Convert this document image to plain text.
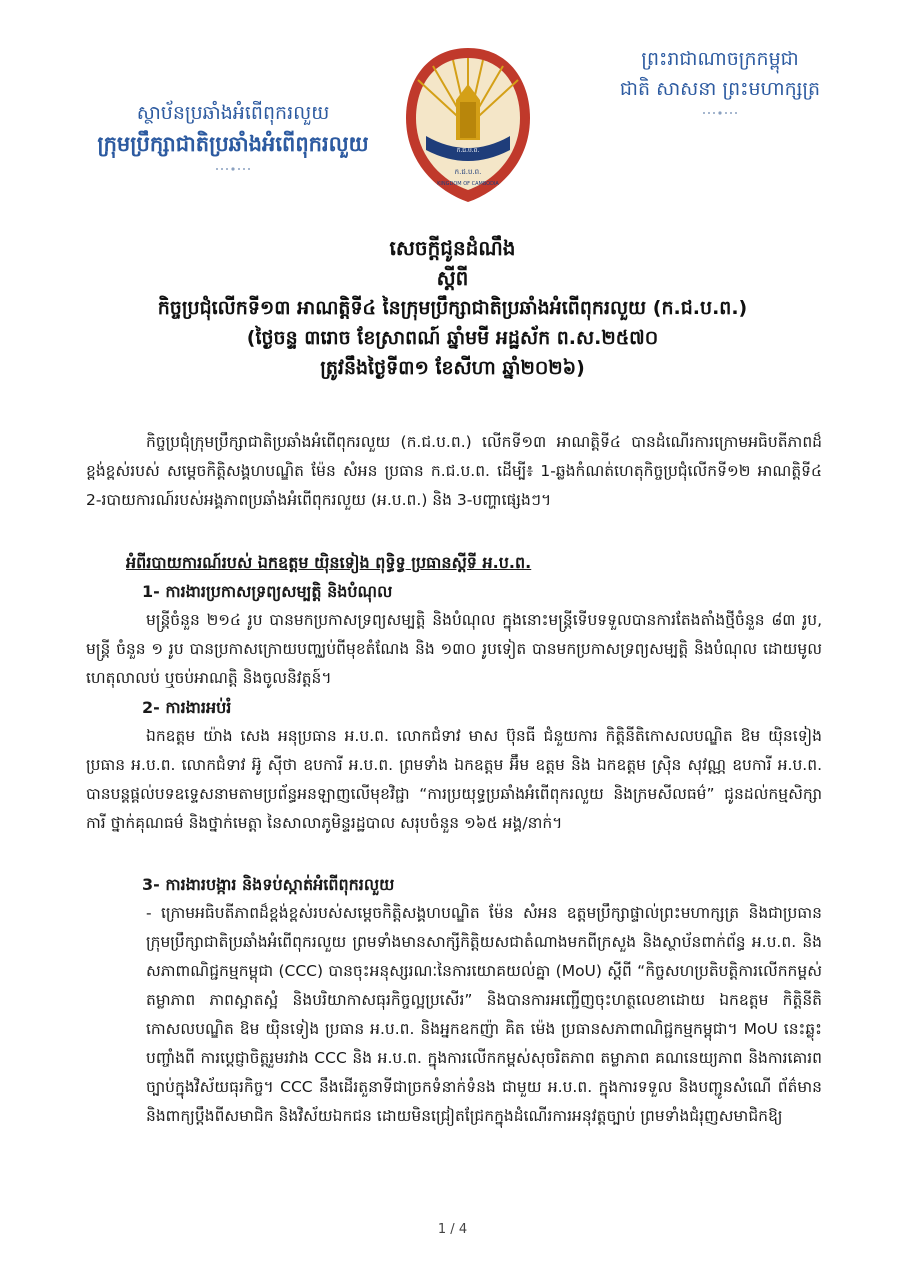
ស្ថាប័នប្រឆាំងអំពើពុករលួយ
ក្រុមប្រឹក្សាជាតិប្រឆាំងអំពើពុករលួយ	ក.ជ.ប.ព.
ក.ជ.ប.ព.
KINGDOM OF CAMBODIA
ព្រះរាជាណាចក្រកម្ពុជា
ជាតិ សាសនា ព្រះមហាក្សត្រ
សេចក្តីជូនដំណឹង
ស្តីពី
កិច្ចប្រជុំលើកទី១៣ អាណត្តិទី៤ នៃក្រុមប្រឹក្សាជាតិប្រឆាំងអំពើពុករលួយ (ក.ជ.ប.ព.)
(ថ្ងៃចន្ទ ៣រោច ខែស្រាពណ៍ ឆ្នាំមមី អដ្ឋស័ក ព.ស.២៥៧០
ត្រូវនឹងថ្ងៃទី៣១ ខែសីហា ឆ្នាំ២០២៦)
កិច្ចប្រជុំក្រុមប្រឹក្សាជាតិប្រឆាំងអំពើពុករលួយ (ក.ជ.ប.ព.) លើកទី១៣ អាណត្តិទី៤ បានដំណើរការក្រោមអធិបតីភាពដ៏ខ្ពង់ខ្ពស់របស់ សម្តេចកិត្តិសង្គហបណ្ឌិត ម៉ែន សំអន ប្រធាន ក.ជ.ប.ព. ដើម្បី៖ 1-ឆ្លងកំណត់ហេតុកិច្ចប្រជុំលើកទី១២ អាណត្តិទី៤ 2-របាយការណ៍របស់អង្គភាពប្រឆាំងអំពើពុករលួយ (អ.ប.ព.) និង 3-បញ្ហាផ្សេងៗ។
អំពីរបាយការណ៍របស់ ឯកឧត្តម យ៉ិនទៀង ពុទ្ធិទ្វ ប្រធានស្តីទី អ.ប.ព.
1- ការងារប្រកាសទ្រព្យសម្បត្តិ និងបំណុល
មន្ត្រីចំនួន ២១៤ រូប បានមកប្រកាសទ្រព្យសម្បត្តិ និងបំណុល ក្នុងនោះមន្ត្រីទើបទទួលបានការតែងតាំងថ្មីចំនួន ៨៣ រូប, មន្ត្រី ចំនួន ១ រូប បានប្រកាសក្រោយបញ្ឈប់ពីមុខតំណែង និង ១៣០ រូបទៀត បានមកប្រកាសទ្រព្យសម្បត្តិ និងបំណុល ដោយមូលហេតុលាលប់ ឬចប់អាណត្តិ និងចូលនិវត្តន៍។
2- ការងារអប់រំ
ឯកឧត្តម យ៉ាង សេង អនុប្រធាន អ.ប.ព. លោកជំទាវ មាស ប៊ុនធី ជំនួយការ កិត្តិនីតិកោសលបណ្ឌិត ឱម យ៉ិនទៀង ប្រធាន អ.ប.ព. លោកជំទាវ អ៊ូ ស៊ីថា ឧបការី អ.ប.ព. ព្រមទាំង ឯកឧត្តម អ៊ឹម ឧត្តម និង ឯកឧត្តម ស្រ៊ិន សុវណ្ណ ឧបការី អ.ប.ព. បានបន្តផ្តល់បទឧទ្ទេសនាមតាមប្រព័ន្ធអនឡាញលើមុខវិជ្ជា “ការប្រយុទ្ធប្រឆាំងអំពើពុករលួយ និងក្រមសីលធម៌” ជូនដល់កម្មសិក្សាការី ថ្នាក់គុណធម៌ និងថ្នាក់មេត្តា នៃសាលាភូមិន្ទរដ្ឋបាល សរុបចំនួន ១៦៥ អង្គ/នាក់។
3- ការងារបង្ការ និងទប់ស្កាត់អំពើពុករលួយ
- ក្រោមអធិបតីភាពដ៏ខ្ពង់ខ្ពស់របស់សម្តេចកិត្តិសង្គហបណ្ឌិត ម៉ែន សំអន ឧត្តមប្រឹក្សាផ្ទាល់ព្រះមហាក្សត្រ និងជាប្រធានក្រុមប្រឹក្សាជាតិប្រឆាំងអំពើពុករលួយ ព្រមទាំងមានសាក្សីកិត្តិយសជាតំណាងមកពីក្រសួង និងស្ថាប័នពាក់ព័ន្ធ អ.ប.ព. និងសភាពាណិជ្ជកម្មកម្ពុជា (CCC) បានចុះអនុស្សរណៈនៃការយោគយល់គ្នា (MoU) ស្តីពី “កិច្ចសហប្រតិបត្តិការលើកកម្ពស់តម្លាភាព ភាពស្អាតស្អំ និងបរិយាកាសធុរកិច្ចល្អប្រសើរ” និងបានការអញ្ជើញចុះហត្ថលេខាដោយ ឯកឧត្តម កិត្តិនីតិកោសលបណ្ឌិត ឱម យ៉ិនទៀង ប្រធាន អ.ប.ព. និងអ្នកឧកញ៉ា គិត ម៉េង ប្រធានសភាពាណិជ្ជកម្មកម្ពុជា។ MoU នេះឆ្លុះបញ្ចាំងពី ការប្តេជ្ញាចិត្តរួមរវាង CCC និង អ.ប.ព. ក្នុងការលើកកម្ពស់សុចរិតភាព តម្លាភាព គណនេយ្យភាព និងការគោរពច្បាប់ក្នុងវិស័យធុរកិច្ច។ CCC នឹងដើរតួនាទីជាច្រកទំនាក់ទំនង ជាមួយ អ.ប.ព. ក្នុងការទទួល និងបញ្ជូនសំណើ ព័ត៌មាន និងពាក្យប្តឹងពីសមាជិក និងវិស័យឯកជន ដោយមិនជ្រៀតជ្រែកក្នុងដំណើរការអនុវត្តច្បាប់ ព្រមទាំងជំរុញសមាជិកឱ្យ
1 / 4
